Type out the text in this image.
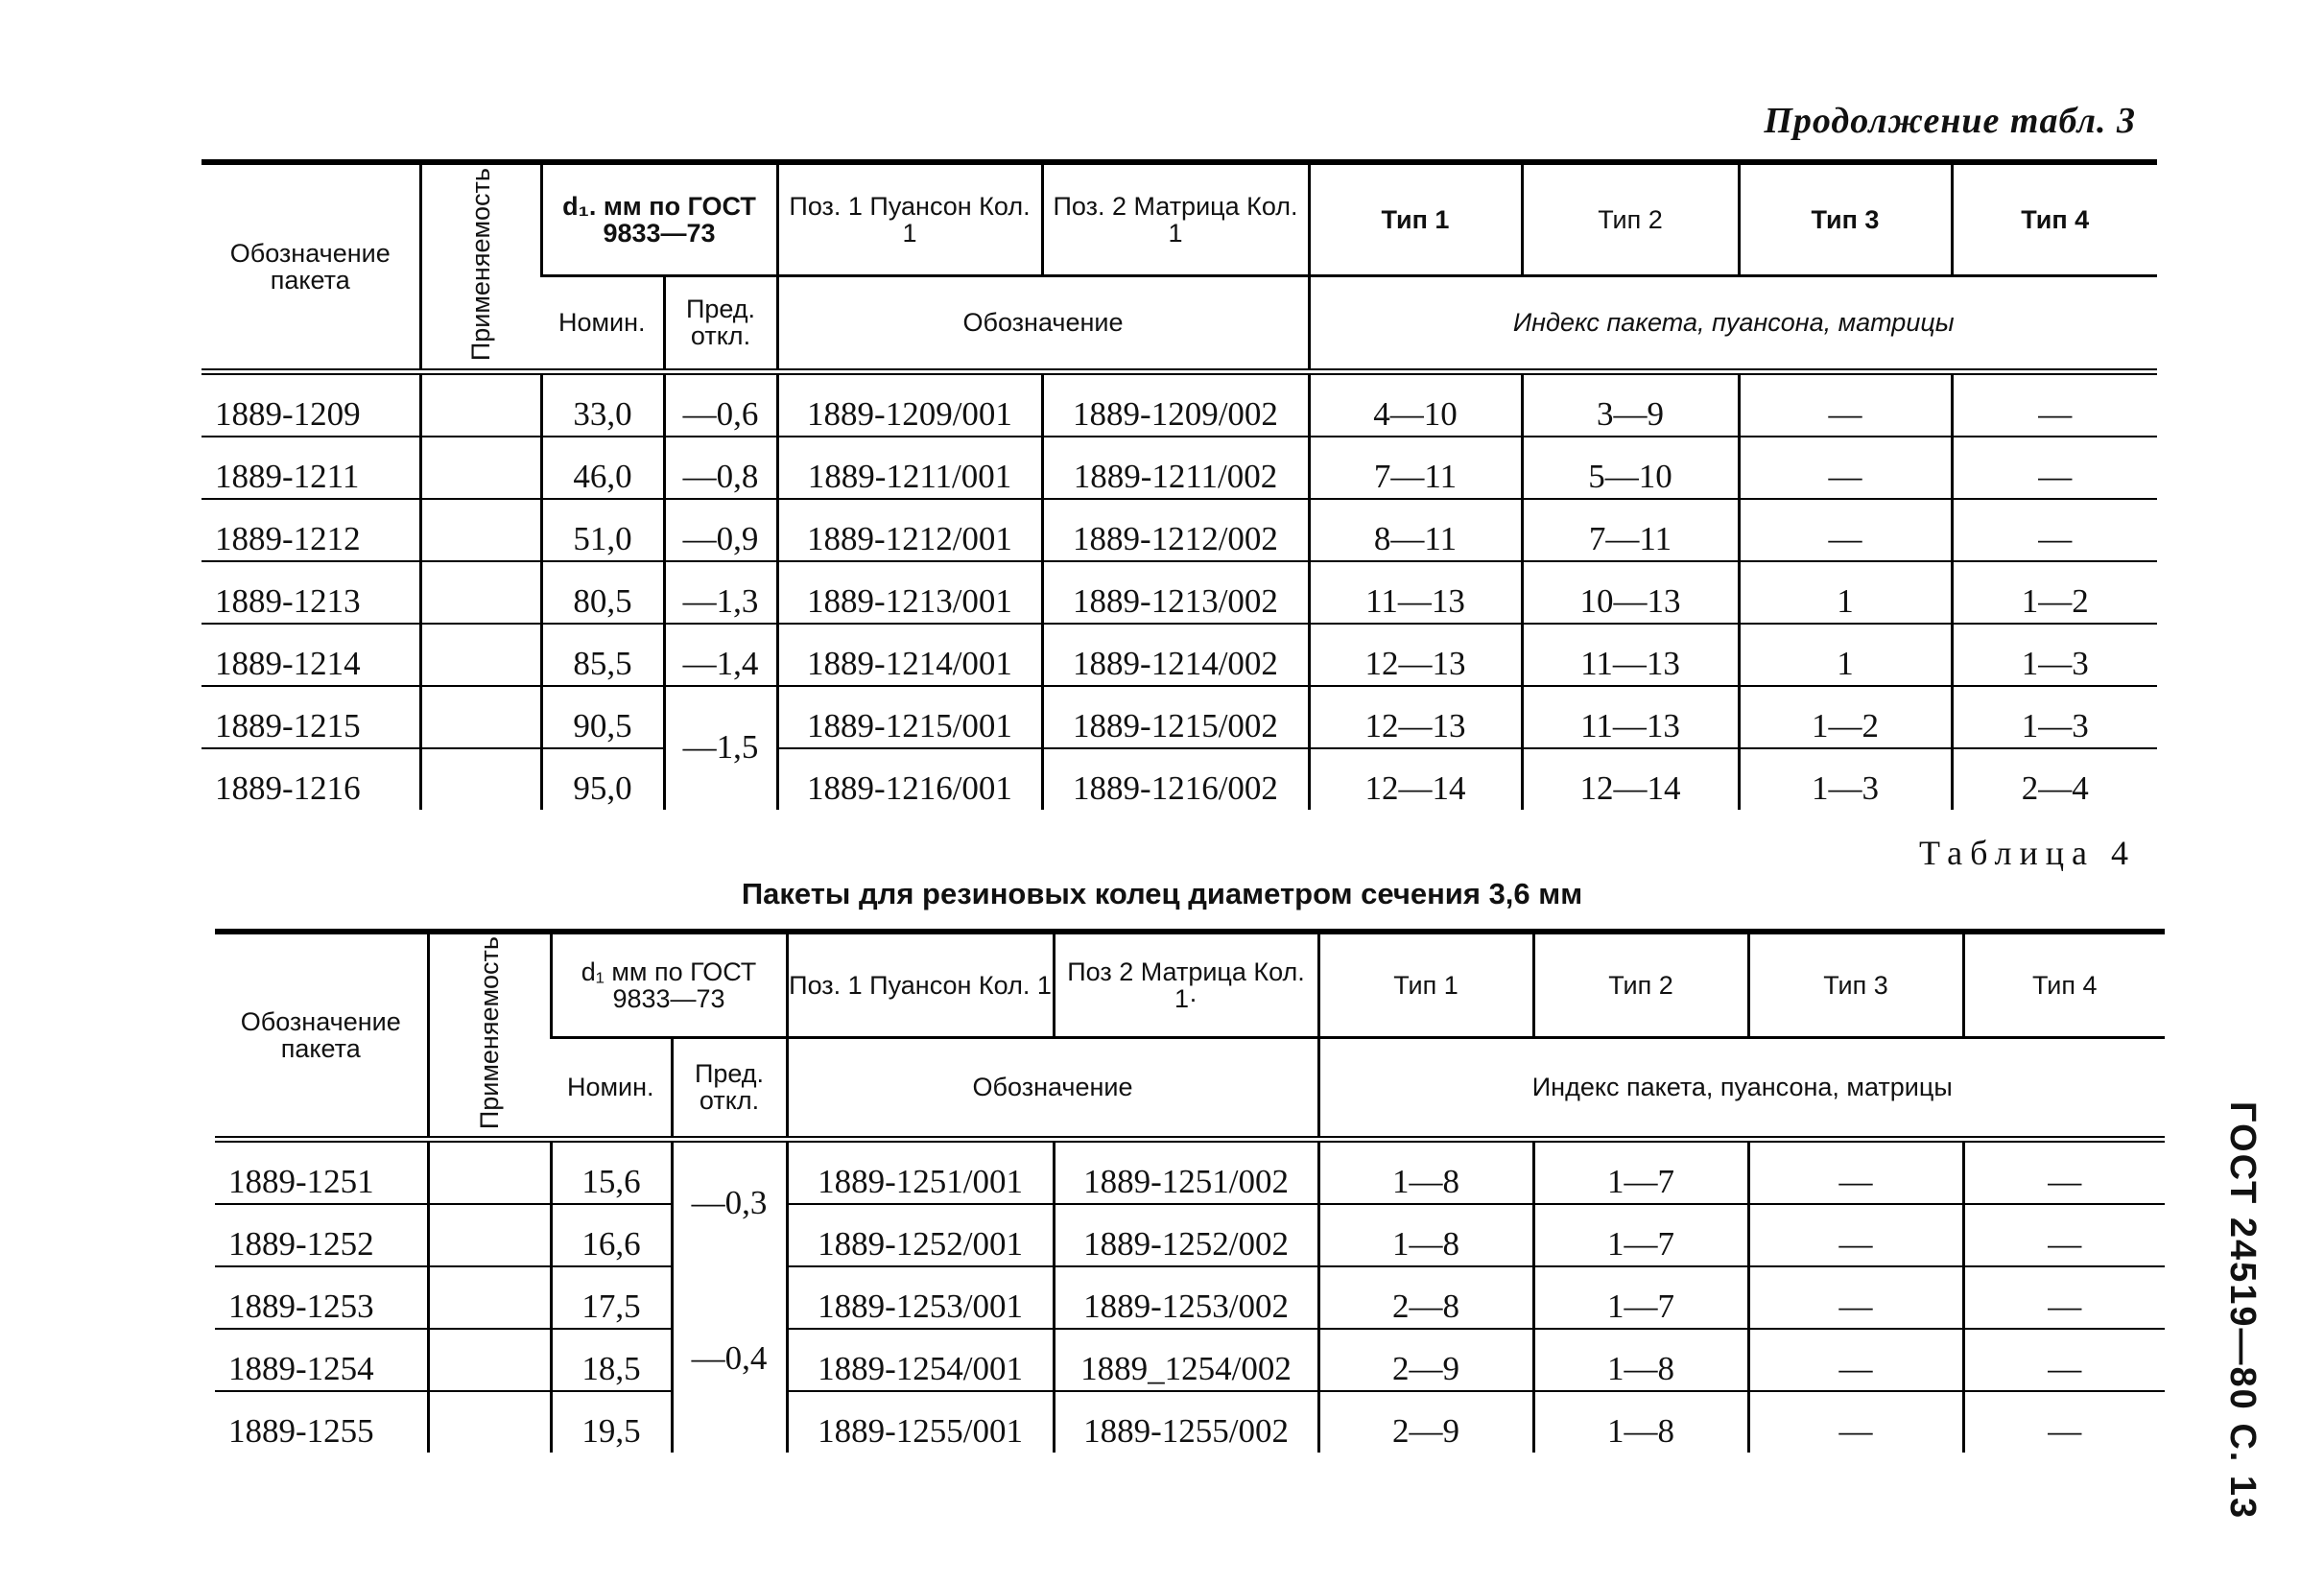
Продолжение табл. 3
Обозначение пакета	Применяемость	d₁. мм по ГОСТ 9833—73		Поз. 1 Пуансон Кол. 1	Поз. 2 Матрица Кол. 1	Тип 1	Тип 2	Тип 3	Тип 4
		Номин.	Пред. откл.	Обозначение		Индекс пакета, пуансона, матрицы			
1889-1209		33,0	—0,6	1889-1209/001	1889-1209/002	4—10	3—9	—	—
1889-1211		46,0	—0,8	1889-1211/001	1889-1211/002	7—11	5—10	—	—
1889-1212		51,0	—0,9	1889-1212/001	1889-1212/002	8—11	7—11	—	—
1889-1213		80,5	—1,3	1889-1213/001	1889-1213/002	11—13	10—13	1	1—2
1889-1214		85,5	—1,4	1889-1214/001	1889-1214/002	12—13	11—13	1	1—3
1889-1215		90,5	—1,5	1889-1215/001	1889-1215/002	12—13	11—13	1—2	1—3
1889-1216		95,0		1889-1216/001	1889-1216/002	12—14	12—14	1—3	2—4
Таблица 4
Пакеты для резиновых колец диаметром сечения 3,6 мм
Обозначение пакета	Применяемость	d₁ мм по ГОСТ 9833—73		Поз. 1 Пуансон Кол. 1	Поз 2 Матрица Кол. 1·	Тип 1	Тип 2	Тип 3	Тип 4
		Номин.	Пред. откл.	Обозначение		Индекс пакета, пуансона, матрицы			
1889-1251		15,6	—0,3	1889-1251/001	1889-1251/002	1—8	1—7	—	—
1889-1252		16,6		1889-1252/001	1889-1252/002	1—8	1—7	—	—
1889-1253		17,5	—0,4	1889-1253/001	1889-1253/002	2—8	1—7	—	—
1889-1254		18,5		1889-1254/001	1889_1254/002	2—9	1—8	—	—
1889-1255		19,5		1889-1255/001	1889-1255/002	2—9	1—8	—	—	ГОСТ 24519—80 С. 13
